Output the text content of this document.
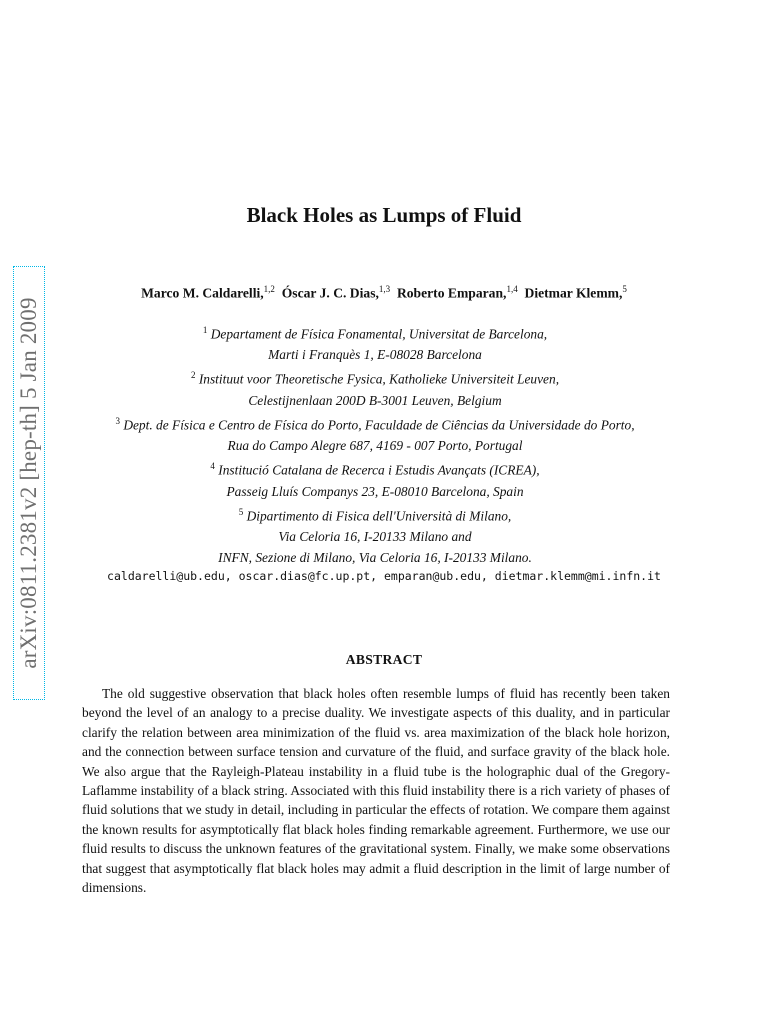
arXiv:0811.2381v2 [hep-th] 5 Jan 2009
Black Holes as Lumps of Fluid
Marco M. Caldarelli,$^{1,2}$ Óscar J. C. Dias,$^{1,3}$ Roberto Emparan,$^{1,4}$ Dietmar Klemm,$^5$
$^1$ Departament de Física Fonamental, Universitat de Barcelona,
Marti i Franquès 1, E-08028 Barcelona
$^2$ Instituut voor Theoretische Fysica, Katholieke Universiteit Leuven,
Celestijnenlaan 200D B-3001 Leuven, Belgium
$^3$ Dept. de Física e Centro de Física do Porto, Faculdade de Ciências da Universidade do Porto,
Rua do Campo Alegre 687, 4169 - 007 Porto, Portugal
$^4$ Institució Catalana de Recerca i Estudis Avançats (ICREA),
Passeig Lluís Companys 23, E-08010 Barcelona, Spain
$^5$ Dipartimento di Fisica dell'Università di Milano,
Via Celoria 16, I-20133 Milano and
INFN, Sezione di Milano, Via Celoria 16, I-20133 Milano.
caldarelli@ub.edu, oscar.dias@fc.up.pt, emparan@ub.edu, dietmar.klemm@mi.infn.it
ABSTRACT
The old suggestive observation that black holes often resemble lumps of fluid has recently been taken beyond the level of an analogy to a precise duality. We investigate aspects of this duality, and in particular clarify the relation between area minimization of the fluid vs. area maximization of the black hole horizon, and the connection between surface tension and curvature of the fluid, and surface gravity of the black hole. We also argue that the Rayleigh-Plateau instability in a fluid tube is the holographic dual of the Gregory-Laflamme instability of a black string. Associated with this fluid instability there is a rich variety of phases of fluid solutions that we study in detail, including in particular the effects of rotation. We compare them against the known results for asymptotically flat black holes finding remarkable agreement. Furthermore, we use our fluid results to discuss the unknown features of the gravitational system. Finally, we make some observations that suggest that asymptotically flat black holes may admit a fluid description in the limit of large number of dimensions.
